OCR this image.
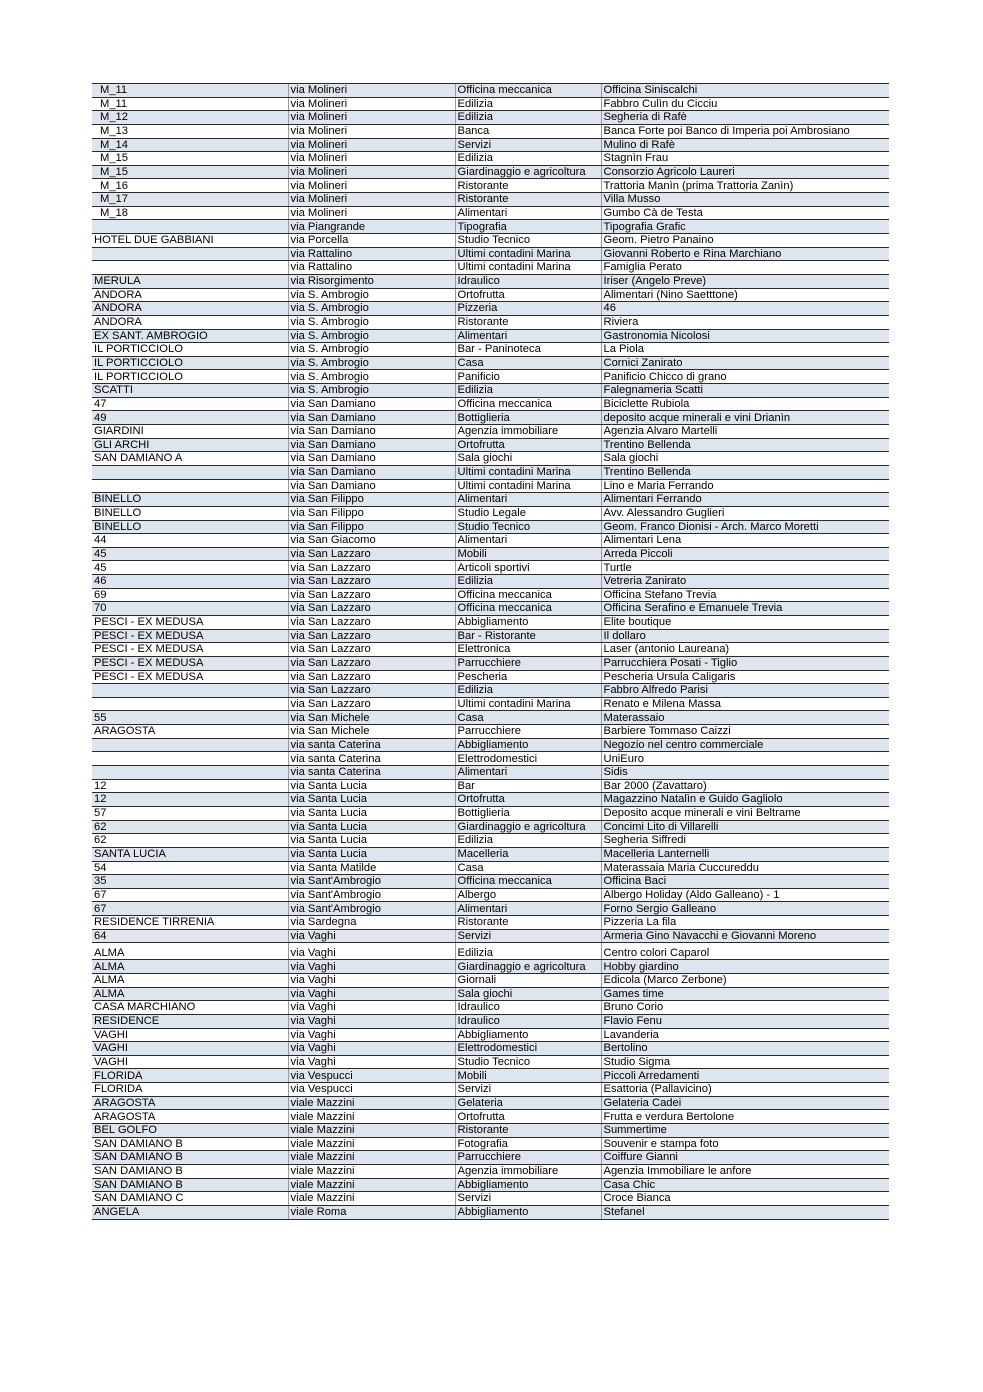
M_11	via Molineri	Officina meccanica	Officina Siniscalchi
M_11	via Molineri	Edilizia	Fabbro Culìn du Cicciu
M_12	via Molineri	Edilizia	Segheria di Rafè
M_13	via Molineri	Banca	Banca Forte poi Banco di Imperia poi Ambrosiano
M_14	via Molineri	Servizi	Mulino di Rafè
M_15	via Molineri	Edilizia	Stagnìn Frau
M_15	via Molineri	Giardinaggio e agricoltura	Consorzio Agricolo Laureri
M_16	via Molineri	Ristorante	Trattoria Manìn (prima Trattoria Zanìn)
M_17	via Molineri	Ristorante	Villa Musso
M_18	via Molineri	Alimentari	Gumbo Cà de Testa
	via Piangrande	Tipografia	Tipografia Grafic
HOTEL DUE GABBIANI	via Porcella	Studio Tecnico	Geom. Pietro Panaino
	via Rattalino	Ultimi contadini Marina	Giovanni Roberto e Rina Marchiano
	via Rattalino	Ultimi contadini Marina	Famiglia Perato
MERULA	via Risorgimento	Idraulico	Iriser (Angelo Preve)
ANDORA	via S. Ambrogio	Ortofrutta	Alimentari (Nino Saetttone)
ANDORA	via S. Ambrogio	Pizzeria	46
ANDORA	via S. Ambrogio	Ristorante	Riviera
EX SANT. AMBROGIO	via S. Ambrogio	Alimentari	Gastronomia Nicolosi
IL PORTICCIOLO	via S. Ambrogio	Bar - Paninoteca	La Piola
IL PORTICCIOLO	via S. Ambrogio	Casa	Cornici Zanirato
IL PORTICCIOLO	via S. Ambrogio	Panificio	Panificio Chicco di grano
SCATTI	via S. Ambrogio	Edilizia	Falegnameria Scatti
47	via San Damiano	Officina meccanica	Biciclette Rubiola
49	via San Damiano	Bottiglieria	deposito acque minerali e vini Drianìn
GIARDINI	via San Damiano	Agenzia immobiliare	Agenzia Alvaro Martelli
GLI ARCHI	via San Damiano	Ortofrutta	Trentino Bellenda
SAN DAMIANO A	via San Damiano	Sala giochi	Sala giochi
	via San Damiano	Ultimi contadini Marina	Trentino Bellenda
	via San Damiano	Ultimi contadini Marina	Lino e Maria Ferrando
BINELLO	via San Filippo	Alimentari	Alimentari Ferrando
BINELLO	via San Filippo	Studio Legale	Avv. Alessandro Guglieri
BINELLO	via San Filippo	Studio Tecnico	Geom. Franco Dionisi - Arch. Marco Moretti
44	via San Giacomo	Alimentari	Alimentari Lena
45	via San Lazzaro	Mobili	Arreda Piccoli
45	via San Lazzaro	Articoli sportivi	Turtle
46	via San Lazzaro	Edilizia	Vetreria Zanirato
69	via San Lazzaro	Officina meccanica	Officina Stefano Trevia
70	via San Lazzaro	Officina meccanica	Officina Serafino e Emanuele Trevia
PESCI - EX MEDUSA	via San Lazzaro	Abbigliamento	Elite boutique
PESCI - EX MEDUSA	via San Lazzaro	Bar - Ristorante	Il dollaro
PESCI - EX MEDUSA	via San Lazzaro	Elettronica	Laser (antonio Laureana)
PESCI - EX MEDUSA	via San Lazzaro	Parrucchiere	Parrucchiera Posati - Tiglio
PESCI - EX MEDUSA	via San Lazzaro	Pescheria	Pescheria Ursula Caligaris
	via San Lazzaro	Edilizia	Fabbro Alfredo Parisi
	via San Lazzaro	Ultimi contadini Marina	Renato e Milena Massa
55	via San Michele	Casa	Materassaio
ARAGOSTA	via San Michele	Parrucchiere	Barbiere Tommaso Caizzi
	via santa Caterina	Abbigliamento	Negozio nel centro commerciale
	via santa Caterina	Elettrodomestici	UniEuro
	via santa Caterina	Alimentari	Sidis
12	via Santa Lucia	Bar	Bar 2000 (Zavattaro)
12	via Santa Lucia	Ortofrutta	Magazzino Natalìn e Guido Gagliolo
57	via Santa Lucia	Bottiglieria	Deposito acque minerali e vini Beltrame
62	via Santa Lucia	Giardinaggio e agricoltura	Concimi Lito di Villarelli
62	via Santa Lucia	Edilizia	Segheria Siffredi
SANTA LUCIA	via Santa Lucia	Macelleria	Macelleria Lanternelli
54	via Santa Matilde	Casa	Materassaia Maria Cuccureddu
35	via Sant'Ambrogio	Officina meccanica	Officina Baci
67	via Sant'Ambrogio	Albergo	Albergo Holiday (Aldo Galleano) - 1
67	via Sant'Ambrogio	Alimentari	Forno Sergio Galleano
RESIDENCE TIRRENIA	via Sardegna	Ristorante	Pizzeria La fila
64	via Vaghi	Servizi	Armeria Gino Navacchi e Giovanni Moreno
ALMA	via Vaghi	Edilizia	Centro colori Caparol
ALMA	via Vaghi	Giardinaggio e agricoltura	Hobby giardino
ALMA	via Vaghi	Giornali	Edicola (Marco Zerbone)
ALMA	via Vaghi	Sala giochi	Games time
CASA MARCHIANO	via Vaghi	Idraulico	Bruno Corio
RESIDENCE	via Vaghi	Idraulico	Flavio Fenu
VAGHI	via Vaghi	Abbigliamento	Lavanderia
VAGHI	via Vaghi	Elettrodomestici	Bertolino
VAGHI	via Vaghi	Studio Tecnico	Studio Sigma
FLORIDA	via Vespucci	Mobili	Piccoli Arredamenti
FLORIDA	via Vespucci	Servizi	Esattoria (Pallavicino)
ARAGOSTA	viale Mazzini	Gelateria	Gelateria Cadei
ARAGOSTA	viale Mazzini	Ortofrutta	Frutta e verdura Bertolone
BEL GOLFO	viale Mazzini	Ristorante	Summertime
SAN DAMIANO B	viale Mazzini	Fotografia	Souvenir e stampa foto
SAN DAMIANO B	viale Mazzini	Parrucchiere	Coiffure Gianni
SAN DAMIANO B	viale Mazzini	Agenzia immobiliare	Agenzia Immobiliare le anfore
SAN DAMIANO B	viale Mazzini	Abbigliamento	Casa Chic
SAN DAMIANO C	viale Mazzini	Servizi	Croce Bianca
ANGELA	viale Roma	Abbigliamento	Stefanel
